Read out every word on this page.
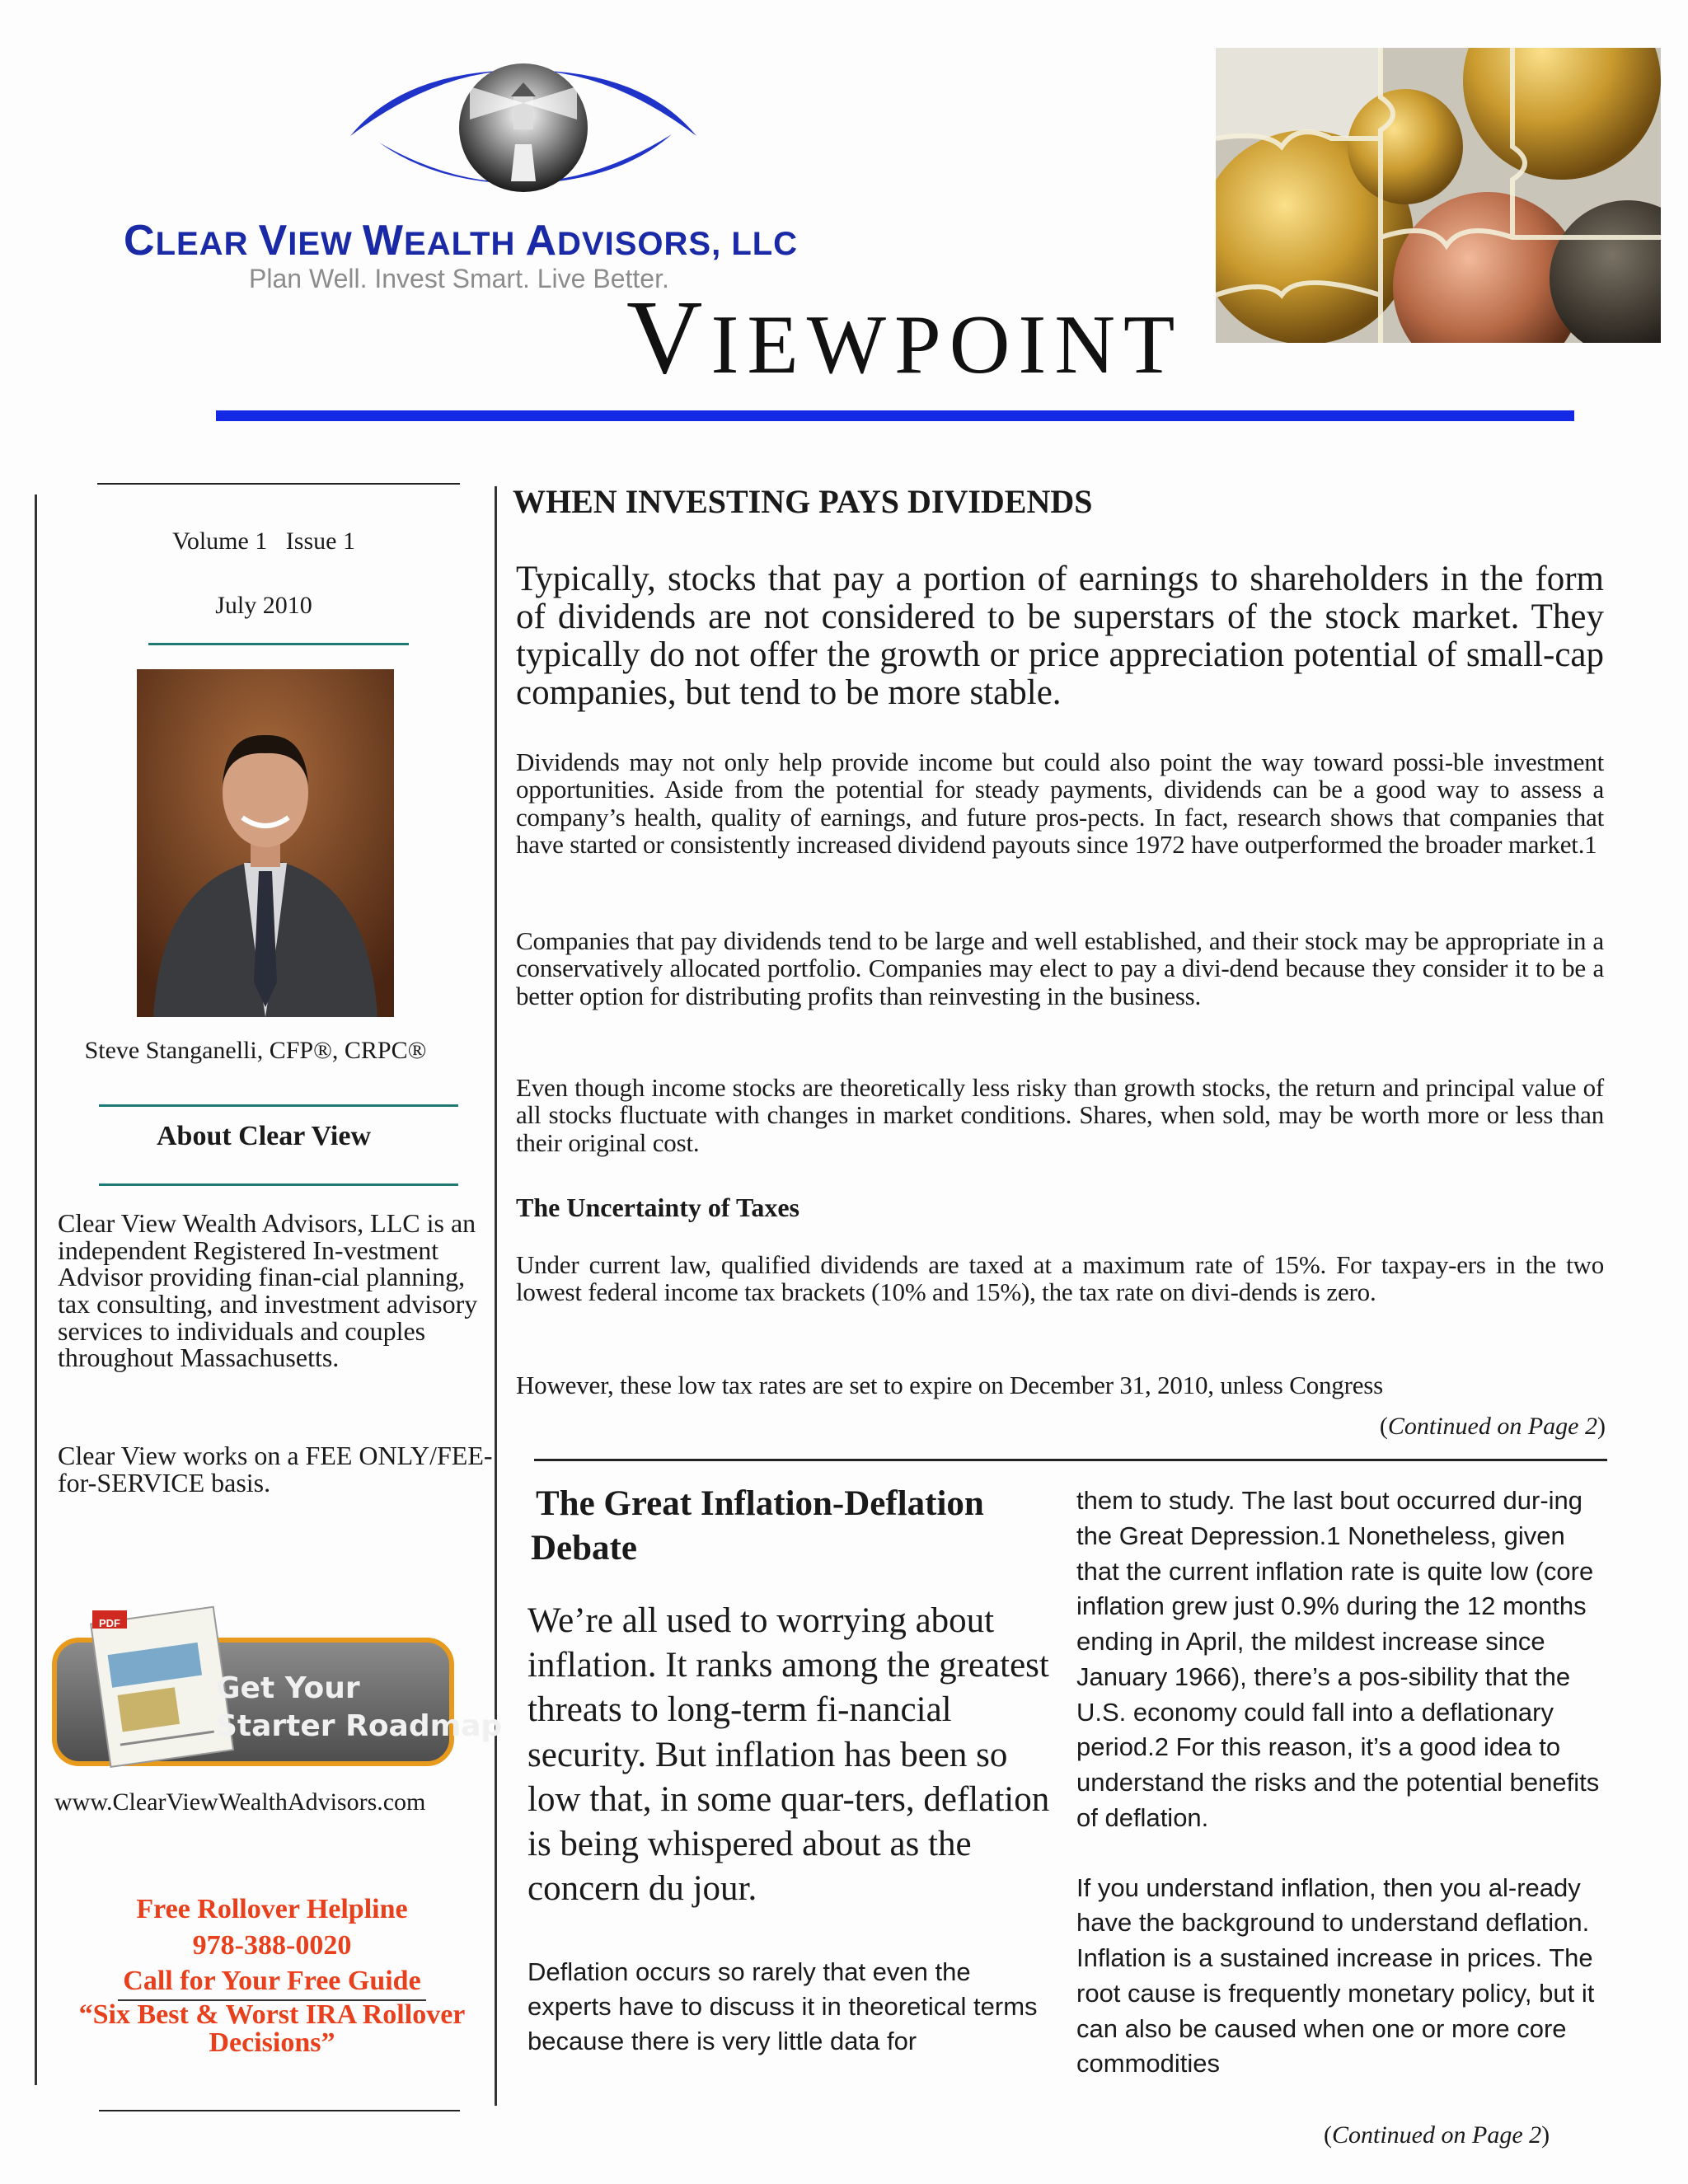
CLEAR VIEW WEALTH ADVISORS, LLC
Plan Well. Invest Smart. Live Better.
VIEWPOINT
Volume 1   Issue 1
July 2010
Steve Stanganelli, CFP®, CRPC®
About Clear View
Clear View Wealth Advisors, LLC is an independent Registered In-vestment Advisor providing finan-cial planning, tax consulting, and investment advisory services to individuals and couples throughout Massachusetts.
Clear View works on a FEE ONLY/FEE-for-SERVICE basis.
PDF
Get Your
Starter Roadmap
www.ClearViewWealthAdvisors.com
Free Rollover Helpline
978-388-0020
Call for Your Free Guide
“Six Best & Worst IRA Rollover Decisions”
WHEN INVESTING PAYS DIVIDENDS
Typically, stocks that pay a portion of earnings to shareholders in the form of dividends are not considered to be superstars of the stock market. They typically do not offer the growth or price appreciation potential of small-cap companies, but tend to be more stable.
Dividends may not only help provide income but could also point the way toward possi-ble investment opportunities. Aside from the potential for steady payments, dividends can be a good way to assess a company’s health, quality of earnings, and future pros-pects. In fact, research shows that companies that have started or consistently increased dividend payouts since 1972 have outperformed the broader market.1
Companies that pay dividends tend to be large and well established, and their stock may be appropriate in a conservatively allocated portfolio. Companies may elect to pay a divi-dend because they consider it to be a better option for distributing profits than reinvesting in the business.
Even though income stocks are theoretically less risky than growth stocks, the return and principal value of all stocks fluctuate with changes in market conditions. Shares, when sold, may be worth more or less than their original cost.
The Uncertainty of Taxes
Under current law, qualified dividends are taxed at a maximum rate of 15%. For taxpay-ers in the two lowest federal income tax brackets (10% and 15%), the tax rate on divi-dends is zero.
However, these low tax rates are set to expire on December 31, 2010, unless Congress
(Continued on Page 2)
The Great Inflation-Deflation
Debate
We’re all used to worrying about inflation. It ranks among the greatest threats to long-term fi-nancial security. But inflation has been so low that, in some quar-ters, deflation is being whispered about as the concern du jour.
Deflation occurs so rarely that even the experts have to discuss it in theoretical terms because there is very little data for

them to study. The last bout occurred dur-ing the Great Depression.1 Nonetheless, given that the current inflation rate is quite low (core inflation grew just 0.9% during the 12 months ending in April, the mildest increase since January 1966), there’s a pos-sibility that the U.S. economy could fall into a deflationary period.2 For this reason, it’s a good idea to understand the risks and the potential benefits of deflation.

If you understand inflation, then you al-ready have the background to understand deflation. Inflation is a sustained increase in prices. The root cause is frequently monetary policy, but it can also be caused when one or more core commodities

(Continued on Page 2)
